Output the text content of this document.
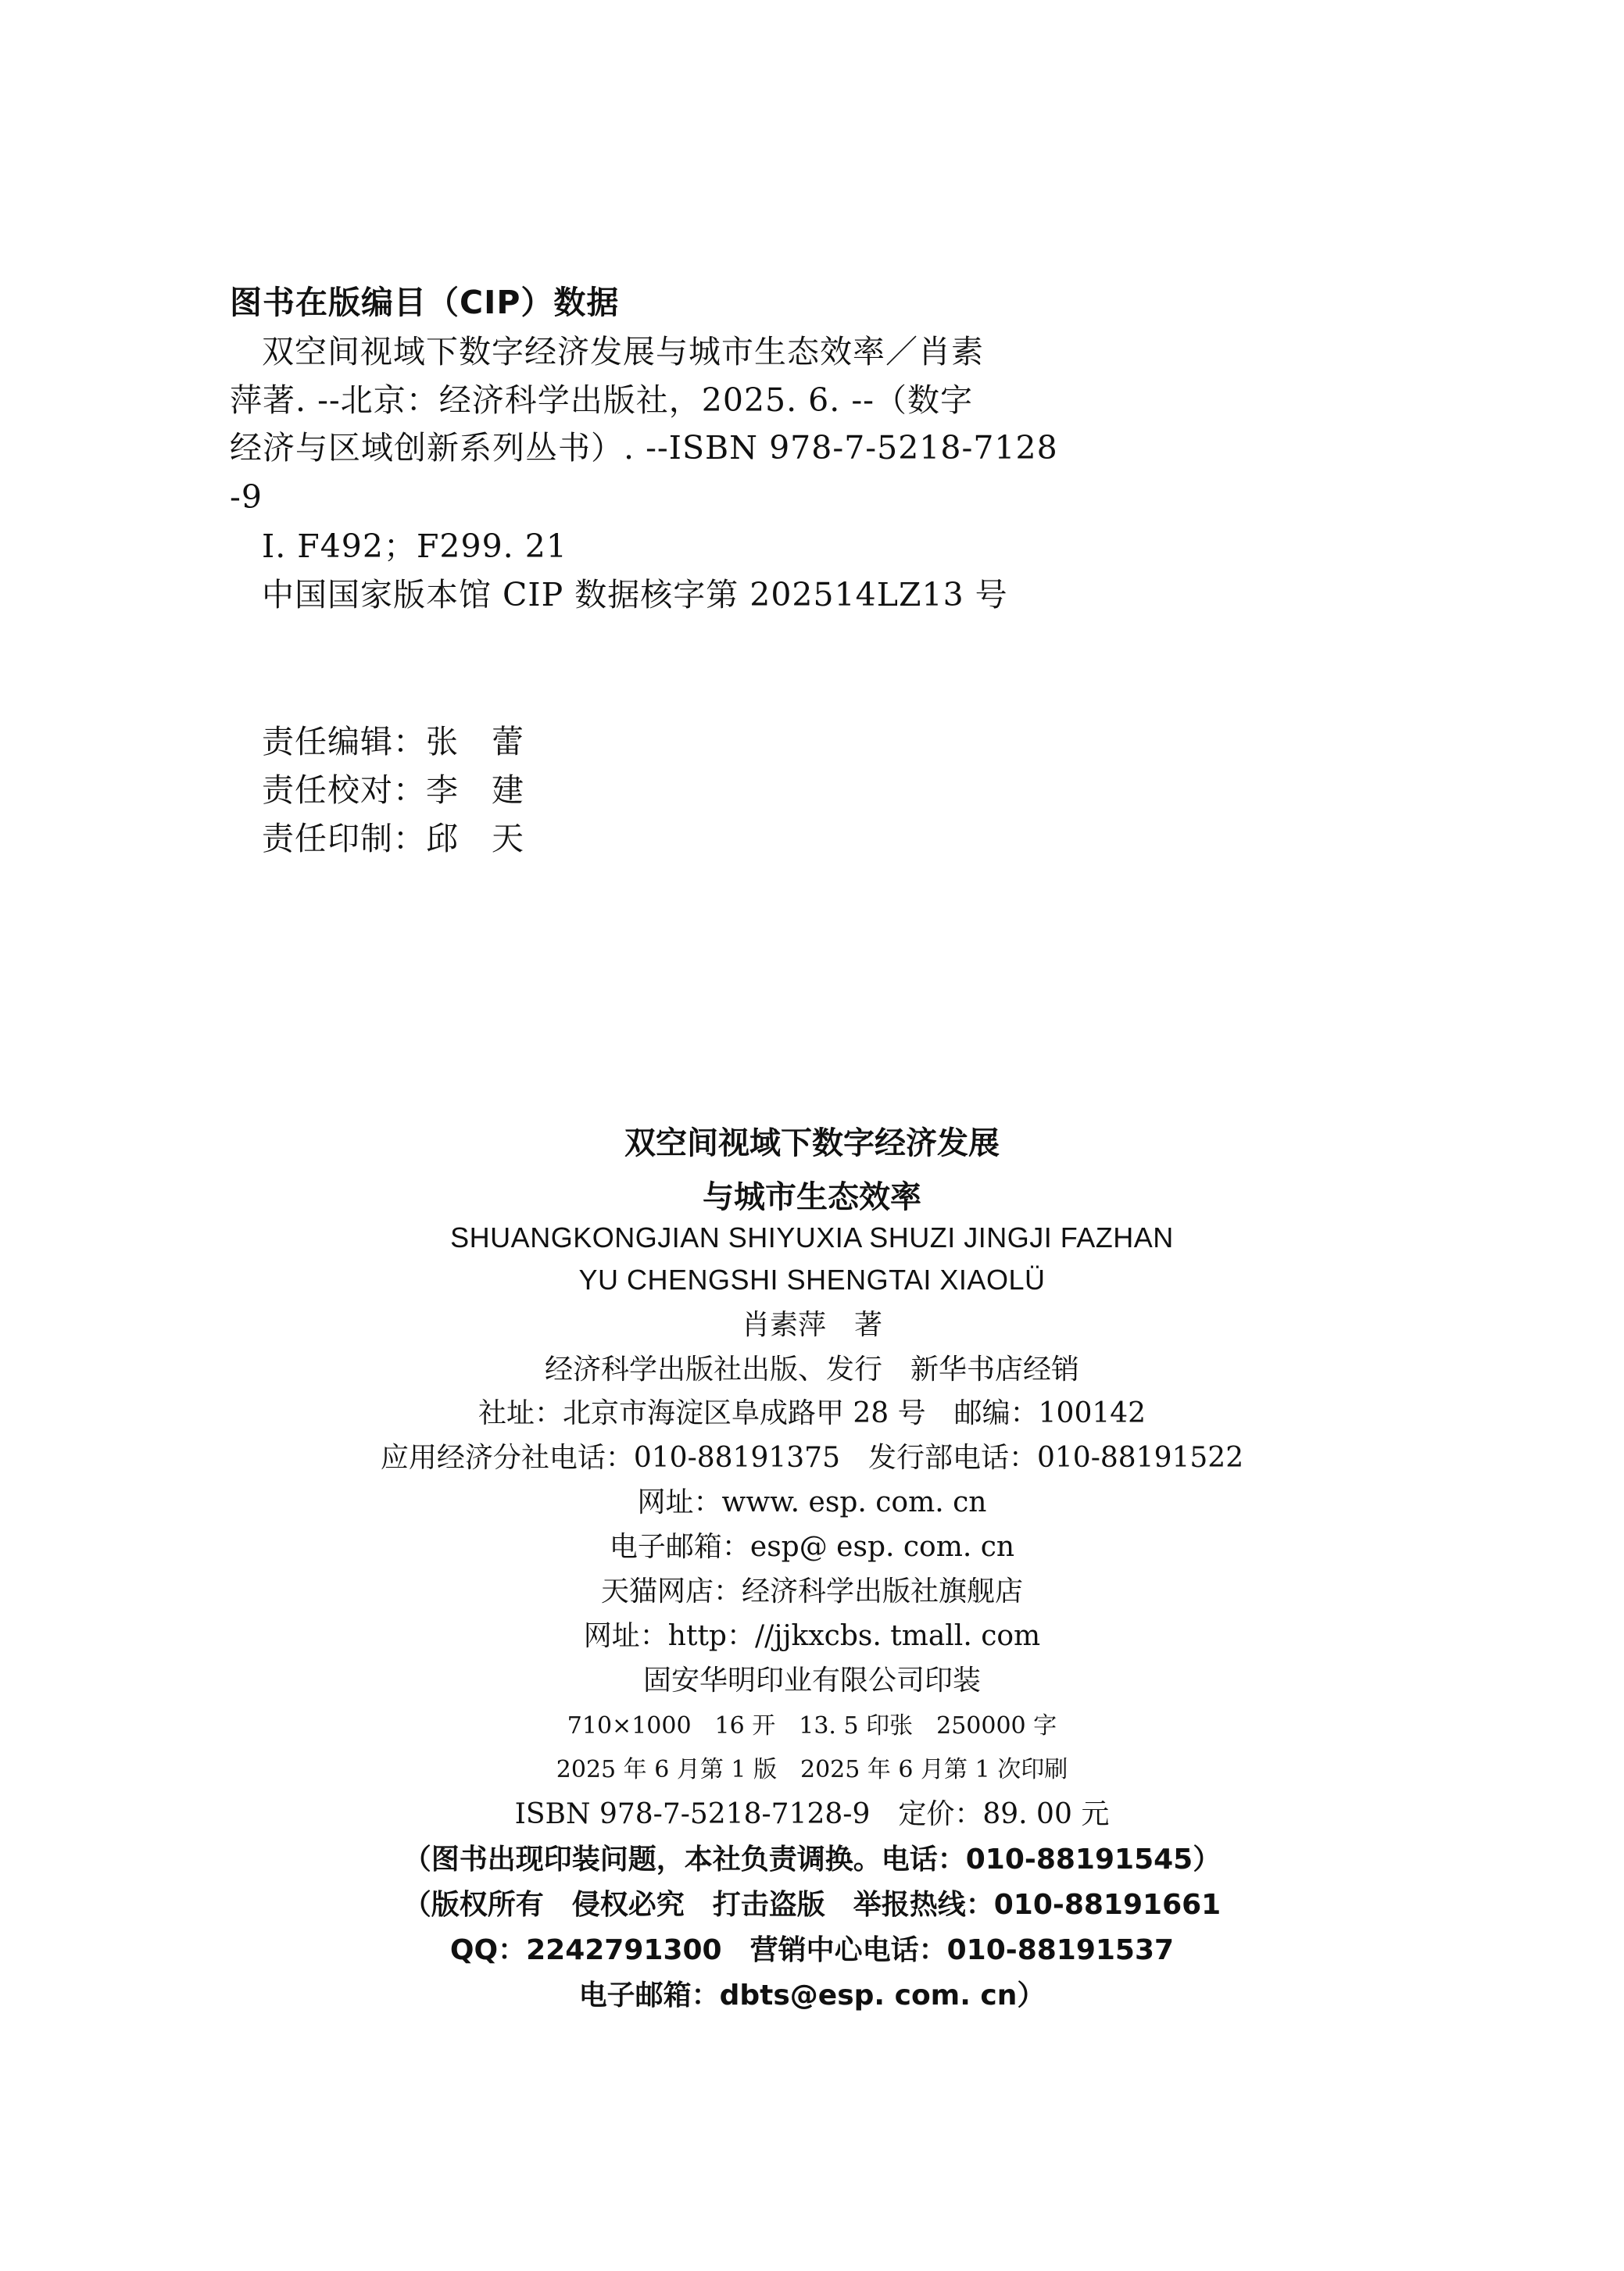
图书在版编目（CIP）数据
双空间视域下数字经济发展与城市生态效率／肖素
萍著. --北京：经济科学出版社，2025. 6. --（数字
经济与区域创新系列丛书）. --ISBN 978-7-5218-7128
-9
Ⅰ. F492；F299. 21
中国国家版本馆 CIP 数据核字第 202514LZ13 号
责任编辑：张　蕾
责任校对：李　建
责任印制：邱　天
双空间视域下数字经济发展
与城市生态效率
SHUANGKONGJIAN SHIYUXIA SHUZI JINGJI FAZHAN
YU CHENGSHI SHENGTAI XIAOLÜ
肖素萍　著
经济科学出版社出版、发行　新华书店经销
社址：北京市海淀区阜成路甲 28 号　邮编：100142
应用经济分社电话：010-88191375　发行部电话：010-88191522
网址：www. esp. com. cn
电子邮箱：esp@ esp. com. cn
天猫网店：经济科学出版社旗舰店
网址：http：//jjkxcbs. tmall. com
固安华明印业有限公司印装
710×1000　16 开　13. 5 印张　250000 字
2025 年 6 月第 1 版　2025 年 6 月第 1 次印刷
ISBN 978-7-5218-7128-9　定价：89. 00 元
（图书出现印装问题，本社负责调换。电话：010-88191545）
（版权所有　侵权必究　打击盗版　举报热线：010-88191661
QQ：2242791300　营销中心电话：010-88191537
电子邮箱：dbts@esp. com. cn）
